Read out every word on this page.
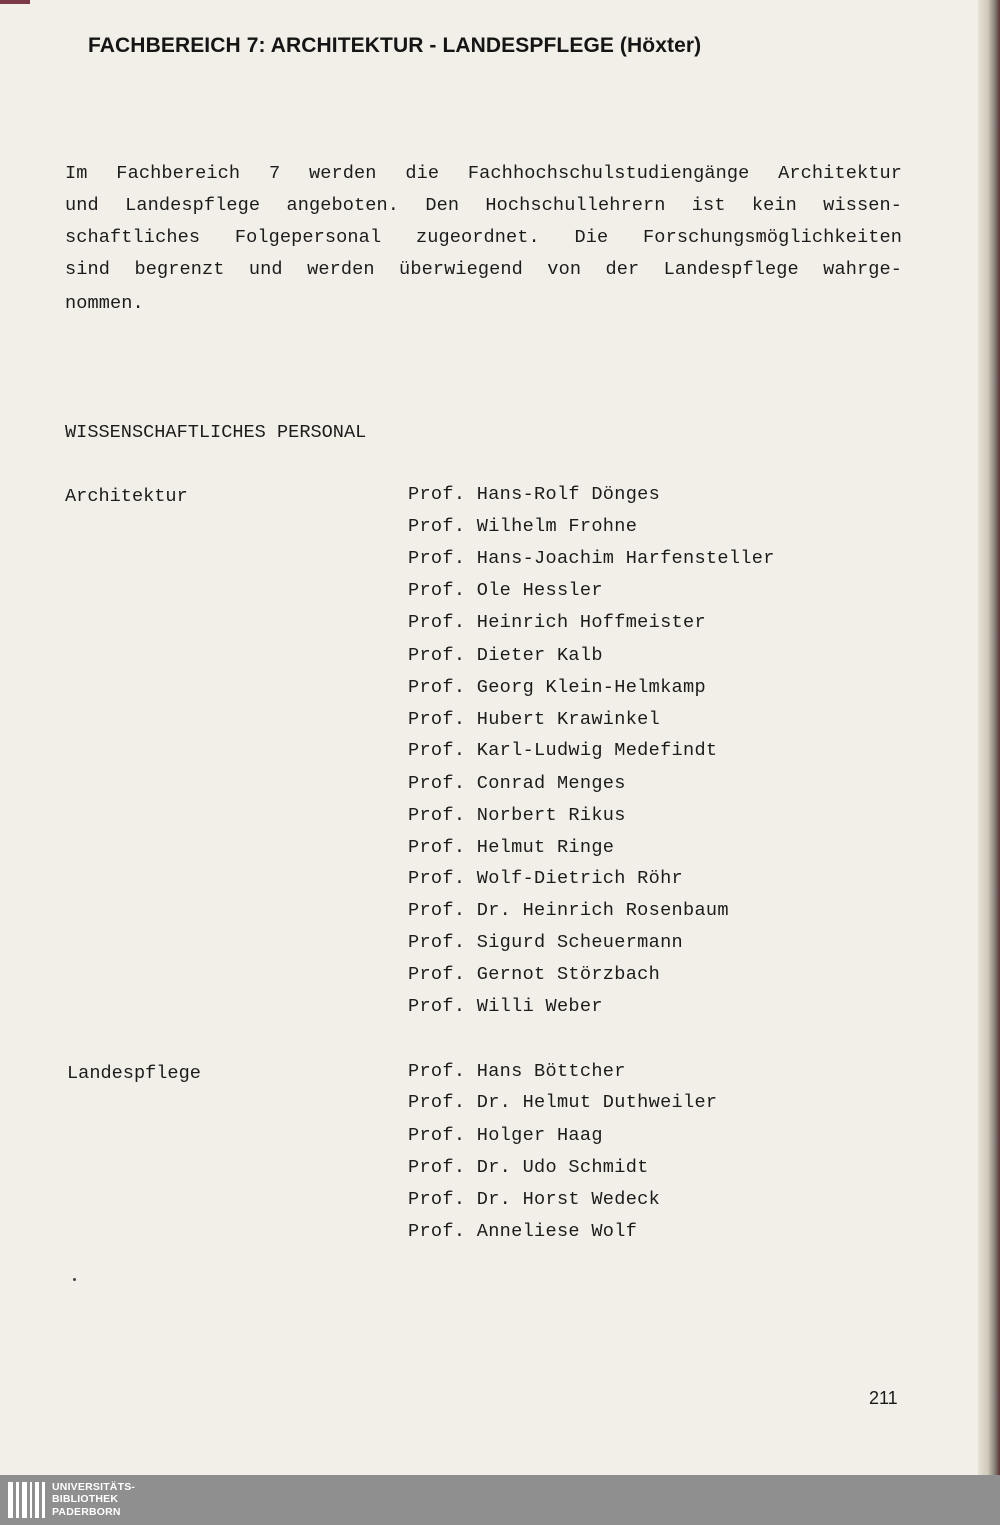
FACHBEREICH 7: ARCHITEKTUR - LANDESPFLEGE (Höxter)
Im Fachbereich 7 werden die Fachhochschulstudiengänge Architektur
und Landespflege angeboten. Den Hochschullehrern ist kein wissen-
schaftliches Folgepersonal zugeordnet. Die Forschungsmöglichkeiten
sind begrenzt und werden überwiegend von der Landespflege wahrge-
nommen.
WISSENSCHAFTLICHES PERSONAL
Architektur	Prof. Hans-Rolf Dönges
Prof. Wilhelm Frohne
Prof. Hans-Joachim Harfensteller
Prof. Ole Hessler
Prof. Heinrich Hoffmeister
Prof. Dieter Kalb
Prof. Georg Klein-Helmkamp
Prof. Hubert Krawinkel
Prof. Karl-Ludwig Medefindt
Prof. Conrad Menges
Prof. Norbert Rikus
Prof. Helmut Ringe
Prof. Wolf-Dietrich Röhr
Prof. Dr. Heinrich Rosenbaum
Prof. Sigurd Scheuermann
Prof. Gernot Störzbach
Prof. Willi Weber
Landespflege	Prof. Hans Böttcher
Prof. Dr. Helmut Duthweiler
Prof. Holger Haag
Prof. Dr. Udo Schmidt
Prof. Dr. Horst Wedeck
Prof. Anneliese Wolf
211
UNIVERSITÄTS-
BIBLIOTHEK
PADERBORN
